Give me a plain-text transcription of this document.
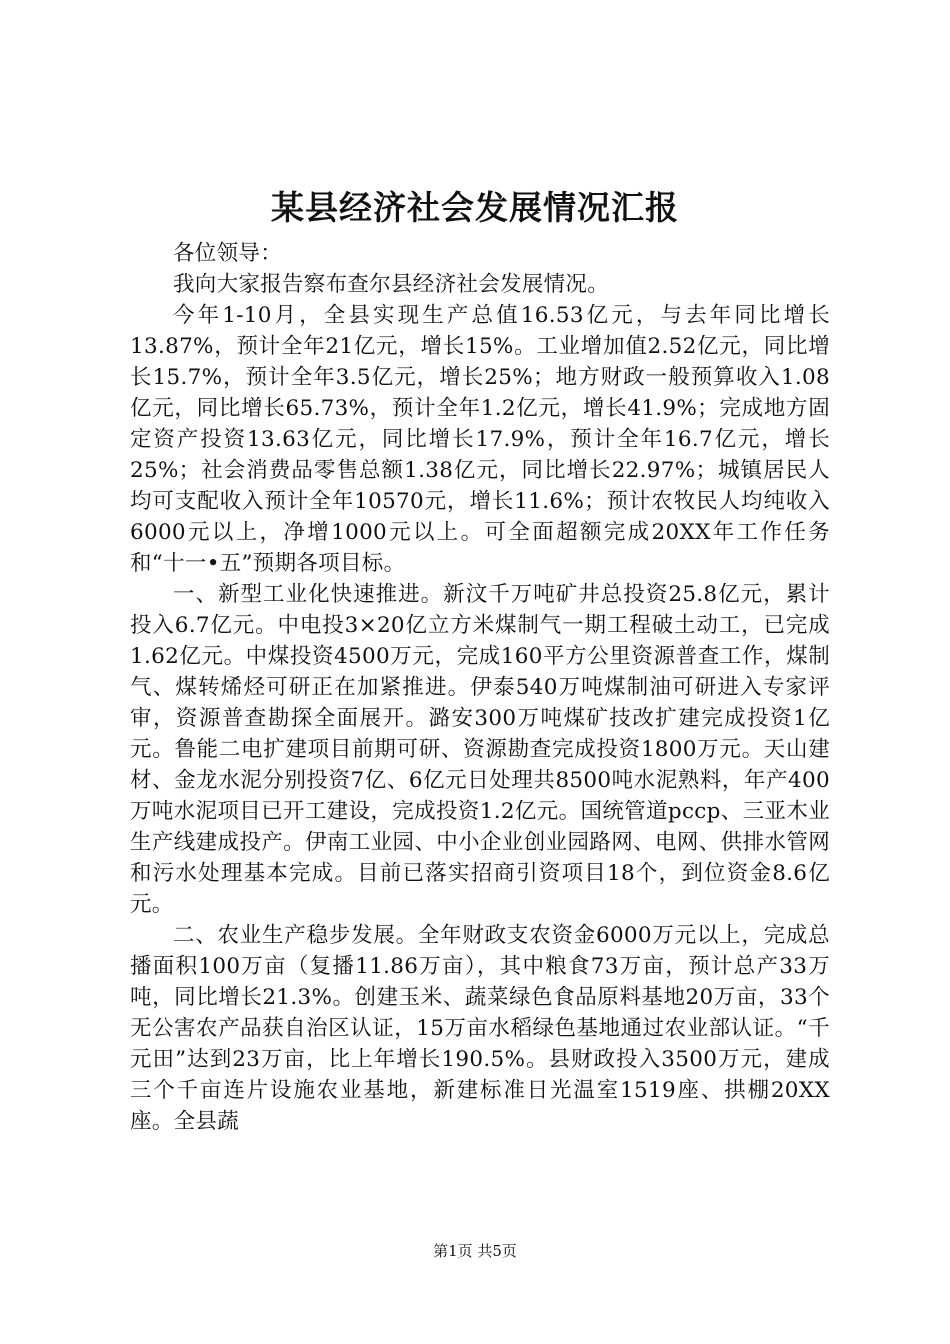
某县经济社会发展情况汇报

各位领导：

我向大家报告察布查尔县经济社会发展情况。

今年1-10月，全县实现生产总值16.53亿元，与去年同比增长13.87%，预计全年21亿元，增长15%。工业增加值2.52亿元，同比增长15.7%，预计全年3.5亿元，增长25%；地方财政一般预算收入1.08亿元，同比增长65.73%，预计全年1.2亿元，增长41.9%；完成地方固定资产投资13.63亿元，同比增长17.9%，预计全年16.7亿元，增长25%；社会消费品零售总额1.38亿元，同比增长22.97%；城镇居民人均可支配收入预计全年10570元，增长11.6%；预计农牧民人均纯收入6000元以上，净增1000元以上。可全面超额完成20XX年工作任务和“十一•五”预期各项目标。

一、新型工业化快速推进。新汶千万吨矿井总投资25.8亿元，累计投入6.7亿元。中电投3×20亿立方米煤制气一期工程破土动工，已完成1.62亿元。中煤投资4500万元，完成160平方公里资源普查工作，煤制气、煤转烯烃可研正在加紧推进。伊泰540万吨煤制油可研进入专家评审，资源普查勘探全面展开。潞安300万吨煤矿技改扩建完成投资1亿元。鲁能二电扩建项目前期可研、资源勘查完成投资1800万元。天山建材、金龙水泥分别投资7亿、6亿元日处理共8500吨水泥熟料，年产400万吨水泥项目已开工建设，完成投资1.2亿元。国统管道pccp、三亚木业生产线建成投产。伊南工业园、中小企业创业园路网、电网、供排水管网和污水处理基本完成。目前已落实招商引资项目18个，到位资金8.6亿元。

二、农业生产稳步发展。全年财政支农资金6000万元以上，完成总播面积100万亩（复播11.86万亩），其中粮食73万亩，预计总产33万吨，同比增长21.3%。创建玉米、蔬菜绿色食品原料基地20万亩，33个无公害农产品获自治区认证，15万亩水稻绿色基地通过农业部认证。“千元田”达到23万亩，比上年增长190.5%。县财政投入3500万元，建成三个千亩连片设施农业基地，新建标准日光温室1519座、拱棚20XX座。全县蔬

第1页 共5页
